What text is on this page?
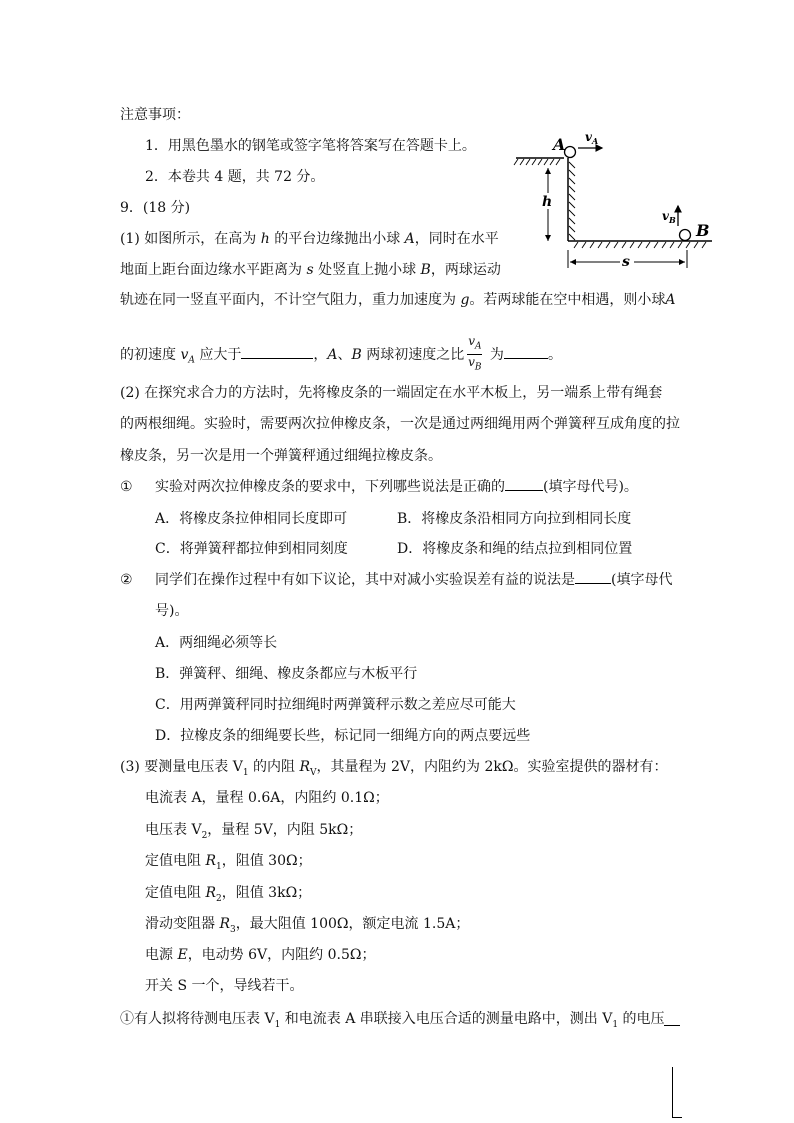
注意事项：
1．用黑色墨水的钢笔或签字笔将答案写在答题卡上。
2．本卷共 4 题，共 72 分。
9．(18 分)
(1) 如图所示，在高为 h 的平台边缘抛出小球 A，同时在水平
地面上距台面边缘水平距离为 s 处竖直上抛小球 B，两球运动
轨迹在同一竖直平面内，不计空气阻力，重力加速度为 g。若两球能在空中相遇，则小球A
的初速度 $v_A$ 应大于	，A、B 两球初速度之比 $\frac{v_A}{v_B}$ 为	。
(2) 在探究求合力的方法时，先将橡皮条的一端固定在水平木板上，另一端系上带有绳套
的两根细绳。实验时，需要两次拉伸橡皮条，一次是通过两细绳用两个弹簧秤互成角度的拉
橡皮条，另一次是用一个弹簧秤通过细绳拉橡皮条。
① 实验对两次拉伸橡皮条的要求中，下列哪些说法是正确的	(填字母代号)。
A．将橡皮条拉伸相同长度即可	B．将橡皮条沿相同方向拉到相同长度
C．将弹簧秤都拉伸到相同刻度	D．将橡皮条和绳的结点拉到相同位置
② 同学们在操作过程中有如下议论，其中对减小实验误差有益的说法是	(填字母代
号)。
A．两细绳必须等长
B．弹簧秤、细绳、橡皮条都应与木板平行
C．用两弹簧秤同时拉细绳时两弹簧秤示数之差应尽可能大
D．拉橡皮条的细绳要长些，标记同一细绳方向的两点要远些
(3) 要测量电压表 $V_1$ 的内阻 $R_V$，其量程为 2V，内阻约为 2kΩ。实验室提供的器材有：
电流表 A，量程 0.6A，内阻约 0.1Ω；
电压表 $V_2$，量程 5V，内阻 5kΩ；
定值电阻 $R_1$，阻值 30Ω；
定值电阻 $R_2$，阻值 3kΩ；
滑动变阻器 $R_3$，最大阻值 100Ω，额定电流 1.5A；
电源 E，电动势 6V，内阻约 0.5Ω；
开关 S 一个，导线若干。
①有人拟将待测电压表 $V_1$ 和电流表 A 串联接入电压合适的测量电路中，测出 $V_1$ 的电压
A $v_A$
$v_B$
B
h
s
